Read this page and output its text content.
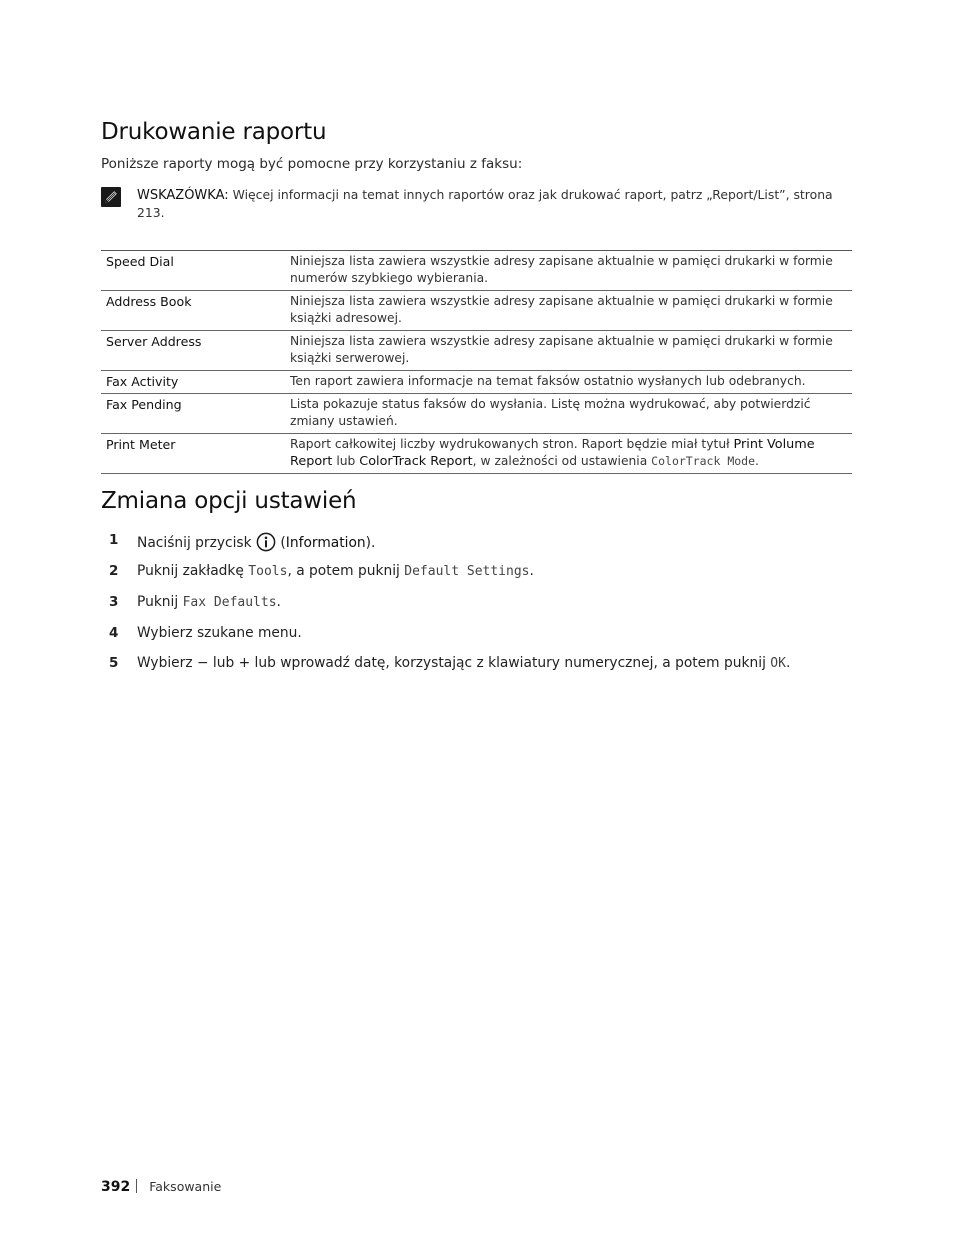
Drukowanie raportu
Poniższe raporty mogą być pomocne przy korzystaniu z faksu:
WSKAZÓWKA: Więcej informacji na temat innych raportów oraz jak drukować raport, patrz „Report/List”, strona 213.
Speed Dial	Niniejsza lista zawiera wszystkie adresy zapisane aktualnie w pamięci drukarki w formie numerów szybkiego wybierania.
Address Book	Niniejsza lista zawiera wszystkie adresy zapisane aktualnie w pamięci drukarki w formie książki adresowej.
Server Address	Niniejsza lista zawiera wszystkie adresy zapisane aktualnie w pamięci drukarki w formie książki serwerowej.
Fax Activity	Ten raport zawiera informacje na temat faksów ostatnio wysłanych lub odebranych.
Fax Pending	Lista pokazuje status faksów do wysłania. Listę można wydrukować, aby potwierdzić zmiany ustawień.
Print Meter	Raport całkowitej liczby wydrukowanych stron. Raport będzie miał tytuł Print Volume Report lub ColorTrack Report, w zależności od ustawienia ColorTrack Mode.
Zmiana opcji ustawień
1 Naciśnij przycisk  (Information).
2 Puknij zakładkę Tools, a potem puknij Default Settings.
3 Puknij Fax Defaults.
4 Wybierz szukane menu.
5 Wybierz − lub + lub wprowadź datę, korzystając z klawiatury numerycznej, a potem puknij OK.
392 Faksowanie
